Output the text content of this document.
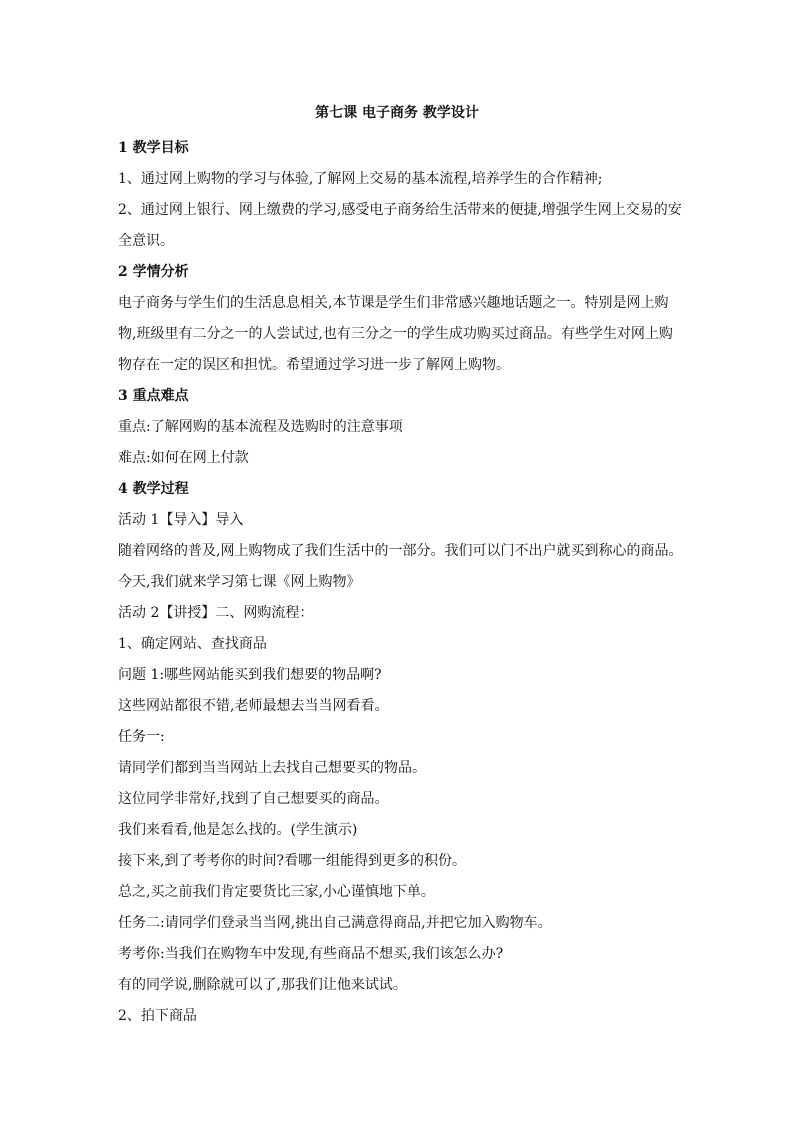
第七课 电子商务 教学设计
1 教学目标
1、通过网上购物的学习与体验,了解网上交易的基本流程,培养学生的合作精神;
2、通过网上银行、网上缴费的学习,感受电子商务给生活带来的便捷,增强学生网上交易的安
全意识。
2 学情分析
电子商务与学生们的生活息息相关,本节课是学生们非常感兴趣地话题之一。特别是网上购
物,班级里有二分之一的人尝试过,也有三分之一的学生成功购买过商品。有些学生对网上购
物存在一定的误区和担忧。希望通过学习进一步了解网上购物。
3 重点难点
重点:了解网购的基本流程及选购时的注意事项
难点:如何在网上付款
4 教学过程
活动 1【导入】导入
随着网络的普及,网上购物成了我们生活中的一部分。我们可以门不出户就买到称心的商品。
今天,我们就来学习第七课《网上购物》
活动 2【讲授】二、网购流程：
1、确定网站、查找商品
问题 1:哪些网站能买到我们想要的物品啊?
这些网站都很不错,老师最想去当当网看看。
任务一:
请同学们都到当当网站上去找自己想要买的物品。
这位同学非常好,找到了自己想要买的商品。
我们来看看,他是怎么找的。(学生演示)
接下来,到了考考你的时间?看哪一组能得到更多的积份。
总之,买之前我们肯定要货比三家,小心谨慎地下单。
任务二:请同学们登录当当网,挑出自己满意得商品,并把它加入购物车。
考考你:当我们在购物车中发现,有些商品不想买,我们该怎么办?
有的同学说,删除就可以了,那我们让他来试试。
2、拍下商品
